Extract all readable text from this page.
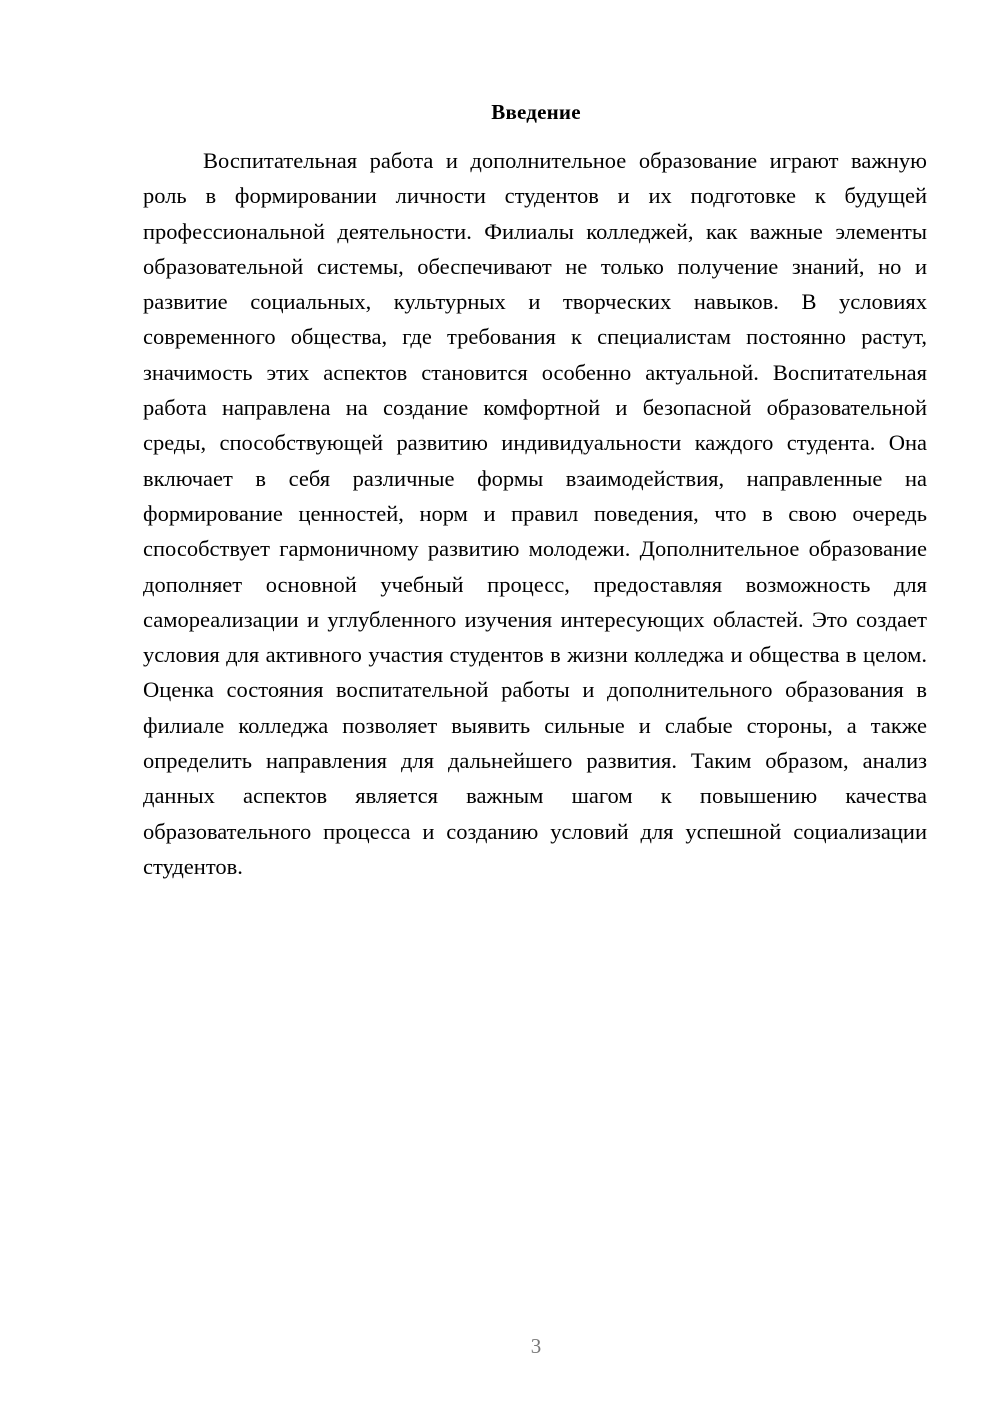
Введение

Воспитательная работа и дополнительное образование играют важную роль в формировании личности студентов и их подготовке к будущей профессиональной деятельности. Филиалы колледжей, как важные элементы образовательной системы, обеспечивают не только получение знаний, но и развитие социальных, культурных и творческих навыков. В условиях современного общества, где требования к специалистам постоянно растут, значимость этих аспектов становится особенно актуальной. Воспитательная работа направлена на создание комфортной и безопасной образовательной среды, способствующей развитию индивидуальности каждого студента. Она включает в себя различные формы взаимодействия, направленные на формирование ценностей, норм и правил поведения, что в свою очередь способствует гармоничному развитию молодежи. Дополнительное образование дополняет основной учебный процесс, предоставляя возможность для самореализации и углубленного изучения интересующих областей. Это создает условия для активного участия студентов в жизни колледжа и общества в целом. Оценка состояния воспитательной работы и дополнительного образования в филиале колледжа позволяет выявить сильные и слабые стороны, а также определить направления для дальнейшего развития. Таким образом, анализ данных аспектов является важным шагом к повышению качества образовательного процесса и созданию условий для успешной социализации студентов.

3
